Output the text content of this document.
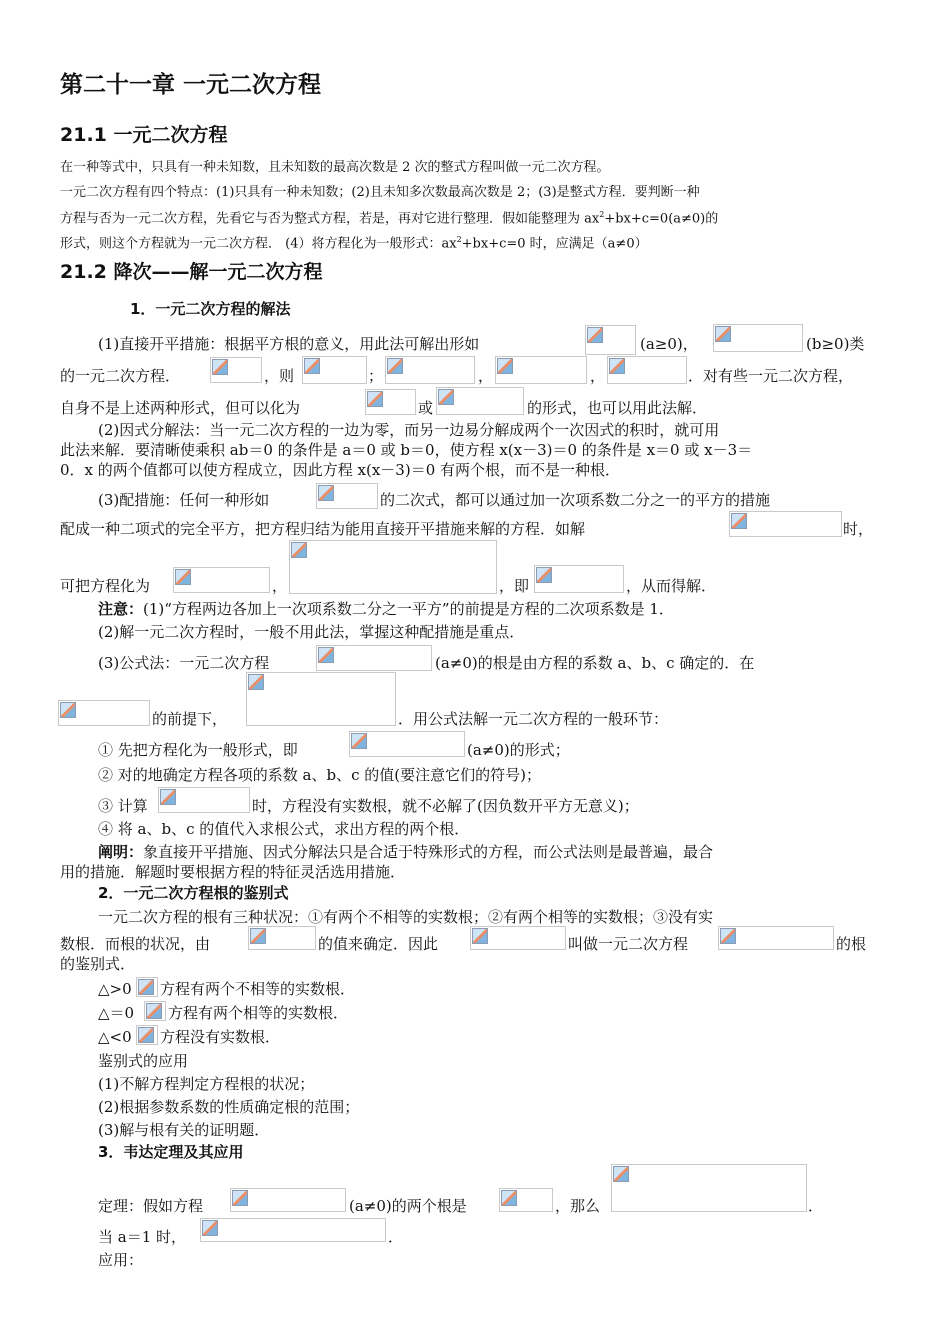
第二十一章 一元二次方程
21.1 一元二次方程
在一种等式中，只具有一种未知数，且未知数的最高次数是 2 次的整式方程叫做一元二次方程。
一元二次方程有四个特点：(1)只具有一种未知数；(2)且未知多次数最高次数是 2；(3)是整式方程．要判断一种
方程与否为一元二次方程，先看它与否为整式方程，若是，再对它进行整理．假如能整理为 $ax^2+bx+c=0(a\ne 0)$的
形式，则这个方程就为一元二次方程． (4）将方程化为一般形式：$ax^2+bx+c=0$ 时，应满足（a≠0）
21.2 降次——解一元二次方程
1．一元二次方程的解法
(1)直接开平措施：根据平方根的意义，用此法可解出形如	(a≥0)，	(b≥0)类
的一元二次方程．	，则	；	，	，	．对有些一元二次方程，
自身不是上述两种形式，但可以化为	或	的形式，也可以用此法解．
(2)因式分解法：当一元二次方程的一边为零，而另一边易分解成两个一次因式的积时，就可用
此法来解．要清晰使乘积 ab＝0 的条件是 a＝0 或 b＝0，使方程 x(x－3)＝0 的条件是 x＝0 或 x－3＝
0．x 的两个值都可以使方程成立，因此方程 x(x－3)＝0 有两个根，而不是一种根．
(3)配措施：任何一种形如	的二次式，都可以通过加一次项系数二分之一的平方的措施
配成一种二项式的完全平方，把方程归结为能用直接开平措施来解的方程．如解	时，
可把方程化为	，	，即	，从而得解．
注意：(1)“方程两边各加上一次项系数二分之一平方”的前提是方程的二次项系数是 1．
(2)解一元二次方程时，一般不用此法，掌握这种配措施是重点．
(3)公式法：一元二次方程	(a≠0)的根是由方程的系数 a、b、c 确定的．在
的前提下，	．用公式法解一元二次方程的一般环节：
① 先把方程化为一般形式，即	(a≠0)的形式；
② 对的地确定方程各项的系数 a、b、c 的值(要注意它们的符号)；
③ 计算	时，方程没有实数根，就不必解了(因负数开平方无意义)；
④ 将 a、b、c 的值代入求根公式，求出方程的两个根．
阐明：象直接开平措施、因式分解法只是合适于特殊形式的方程，而公式法则是最普遍，最合
用的措施．解题时要根据方程的特征灵活选用措施．
2．一元二次方程根的鉴别式
一元二次方程的根有三种状况：①有两个不相等的实数根；②有两个相等的实数根；③没有实
数根．而根的状况，由	的值来确定．因此	叫做一元二次方程	的根
的鉴别式．
△>0 方程有两个不相等的实数根．
△＝0 方程有两个相等的实数根．
△<0 方程没有实数根．
鉴别式的应用
(1)不解方程判定方程根的状况；
(2)根据参数系数的性质确定根的范围；
(3)解与根有关的证明题．
3．韦达定理及其应用
定理：假如方程	(a≠0)的两个根是	，那么	．
当 a＝1 时，	．
应用：
